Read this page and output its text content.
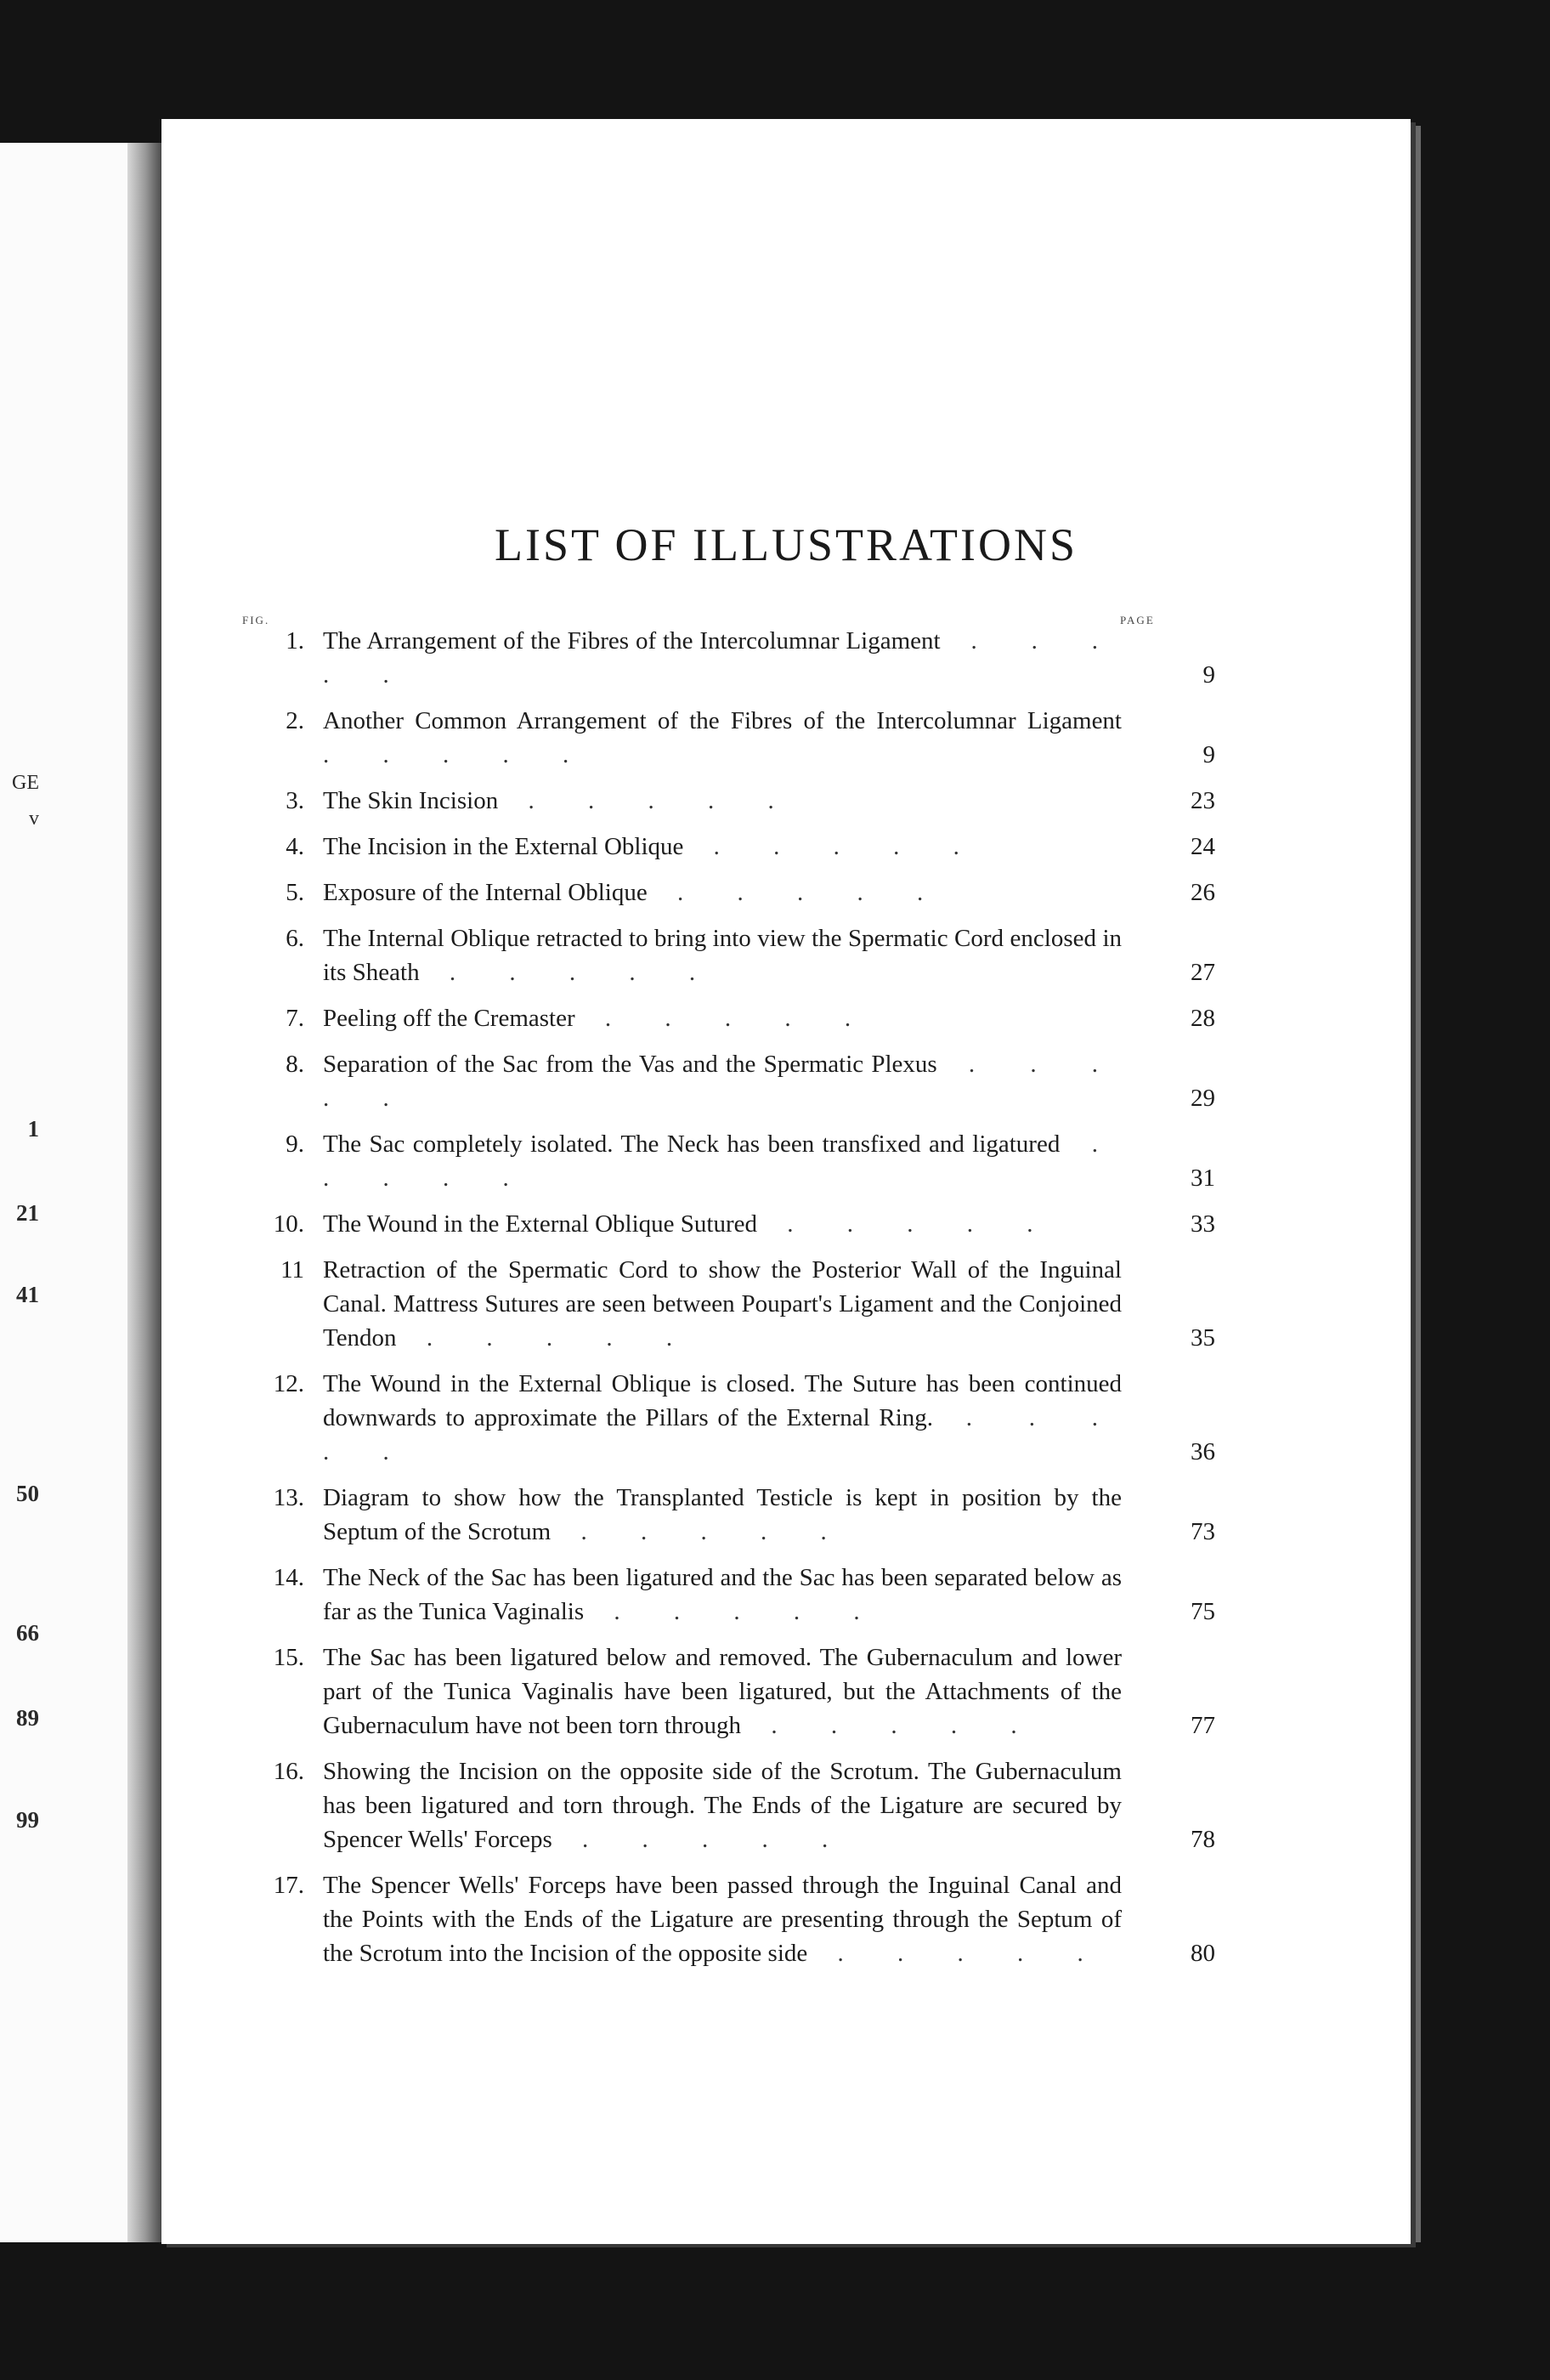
GE
v
1
21
41
50
66
89
99
LIST OF ILLUSTRATIONS
FIG.	PAGE
1. The Arrangement of the Fibres of the Intercolumnar Ligament . . . . .	9
2. Another Common Arrangement of the Fibres of the Intercolumnar Ligament . . . . .	9
3. The Skin Incision . . . . .	23
4. The Incision in the External Oblique . . . . .	24
5. Exposure of the Internal Oblique . . . . .	26
6. The Internal Oblique retracted to bring into view the Spermatic Cord enclosed in its Sheath . . . . .	27
7. Peeling off the Cremaster . . . . .	28
8. Separation of the Sac from the Vas and the Spermatic Plexus . . . . .	29
9. The Sac completely isolated. The Neck has been transfixed and ligatured . . . . .	31
10. The Wound in the External Oblique Sutured . . . . .	33
11 Retraction of the Spermatic Cord to show the Posterior Wall of the Inguinal Canal. Mattress Sutures are seen between Poupart's Ligament and the Conjoined Tendon . . . . .	35
12. The Wound in the External Oblique is closed. The Suture has been continued downwards to approximate the Pillars of the External Ring. . . . . .	36
13. Diagram to show how the Transplanted Testicle is kept in position by the Septum of the Scrotum . . . . .	73
14. The Neck of the Sac has been ligatured and the Sac has been separated below as far as the Tunica Vaginalis . . . . .	75
15. The Sac has been ligatured below and removed. The Gubernaculum and lower part of the Tunica Vaginalis have been ligatured, but the Attachments of the Gubernaculum have not been torn through . . . . .	77
16. Showing the Incision on the opposite side of the Scrotum. The Gubernaculum has been ligatured and torn through. The Ends of the Ligature are secured by Spencer Wells' Forceps . . . . .	78
17. The Spencer Wells' Forceps have been passed through the Inguinal Canal and the Points with the Ends of the Ligature are presenting through the Septum of the Scrotum into the Incision of the opposite side . . . . .	80
